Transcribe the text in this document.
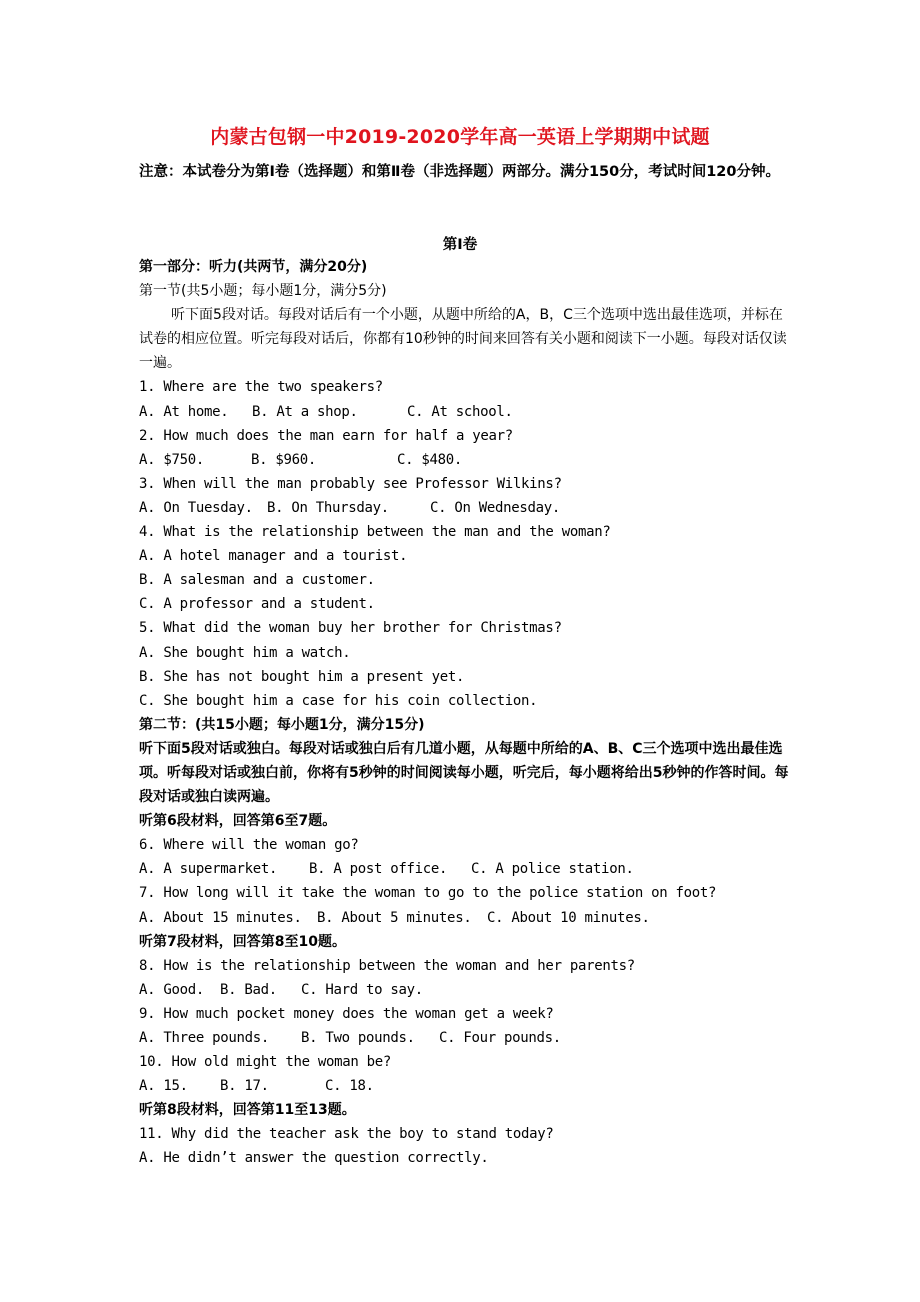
内蒙古包钢一中2019-2020学年高一英语上学期期中试题
注意：本试卷分为第Ⅰ卷（选择题）和第Ⅱ卷（非选择题）两部分。满分150分，考试时间120分钟。
第Ⅰ卷
第一部分：听力(共两节，满分20分)
第一节(共5小题；每小题1分，满分5分)
听下面5段对话。每段对话后有一个小题，从题中所给的A，B，C三个选项中选出最佳选项，并标在试卷的相应位置。听完每段对话后，你都有10秒钟的时间来回答有关小题和阅读下一小题。每段对话仅读一遍。
1. Where are the two speakers?
A. At home. B. At a shop.	C. At school.
2. How much does the man earn for half a year?
A. $750.	B. $960.	C. $480.
3. When will the man probably see Professor Wilkins?
A. On Tuesday. B. On Thursday.	C. On Wednesday.
4. What is the relationship between the man and the woman?
A. A hotel manager and a tourist.
B. A salesman and a customer.
C. A professor and a student.
5. What did the woman buy her brother for Christmas?
A. She bought him a watch.
B. She has not bought him a present yet.
C. She bought him a case for his coin collection.
第二节：(共15小题；每小题1分，满分15分)
听下面5段对话或独白。每段对话或独白后有几道小题，从每题中所给的A、B、C三个选项中选出最佳选项。听每段对话或独白前，你将有5秒钟的时间阅读每小题，听完后，每小题将给出5秒钟的作答时间。每段对话或独白读两遍。
听第6段材料，回答第6至7题。
6. Where will the woman go?
A. A supermarket. B. A post office. C. A police station.
7. How long will it take the woman to go to the police station on foot?
A. About 15 minutes. B. About 5 minutes. C. About 10 minutes.
听第7段材料，回答第8至10题。
8. How is the relationship between the woman and her parents?
A. Good. B. Bad. C. Hard to say.
9. How much pocket money does the woman get a week?
A. Three pounds. B. Two pounds. C. Four pounds.
10. How old might the woman be?
A. 15. B. 17.	C. 18.
听第8段材料，回答第11至13题。
11. Why did the teacher ask the boy to stand today?
A. He didn’t answer the question correctly.
